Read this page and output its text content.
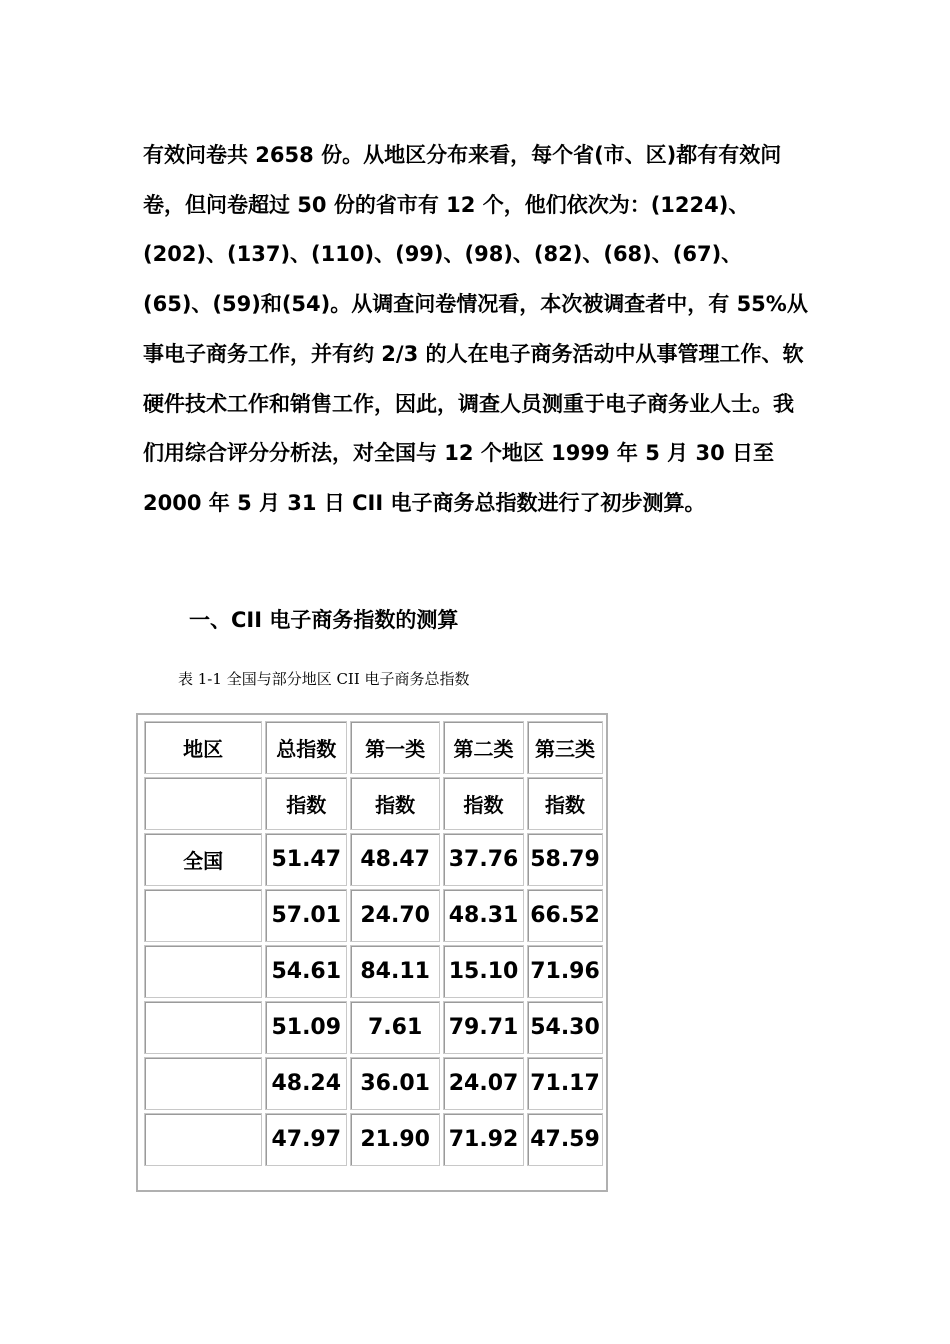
有效问卷共 2658 份。从地区分布来看，每个省(市、区)都有有效问卷，但问卷超过 50 份的省市有 12 个，他们依次为：(1224)、(202)、(137)、(110)、(99)、(98)、(82)、(68)、(67)、(65)、(59)和(54)。从调查问卷情况看，本次被调查者中，有 55%从事电子商务工作，并有约 2/3 的人在电子商务活动中从事管理工作、软硬件技术工作和销售工作，因此，调查人员测重于电子商务业人士。我们用综合评分分析法，对全国与 12 个地区 1999 年 5 月 30 日至 2000 年 5 月 31 日 CII 电子商务总指数进行了初步测算。

一、CII 电子商务指数的测算

表 1-1 全国与部分地区 CII 电子商务总指数

地区	总指数	第一类	第二类	第三类
	指数	指数	指数	指数
全国	51.47	48.47	37.76	58.79
	57.01	24.70	48.31	66.52
	54.61	84.11	15.10	71.96
	51.09	7.61	79.71	54.30
	48.24	36.01	24.07	71.17
	47.97	21.90	71.92	47.59
